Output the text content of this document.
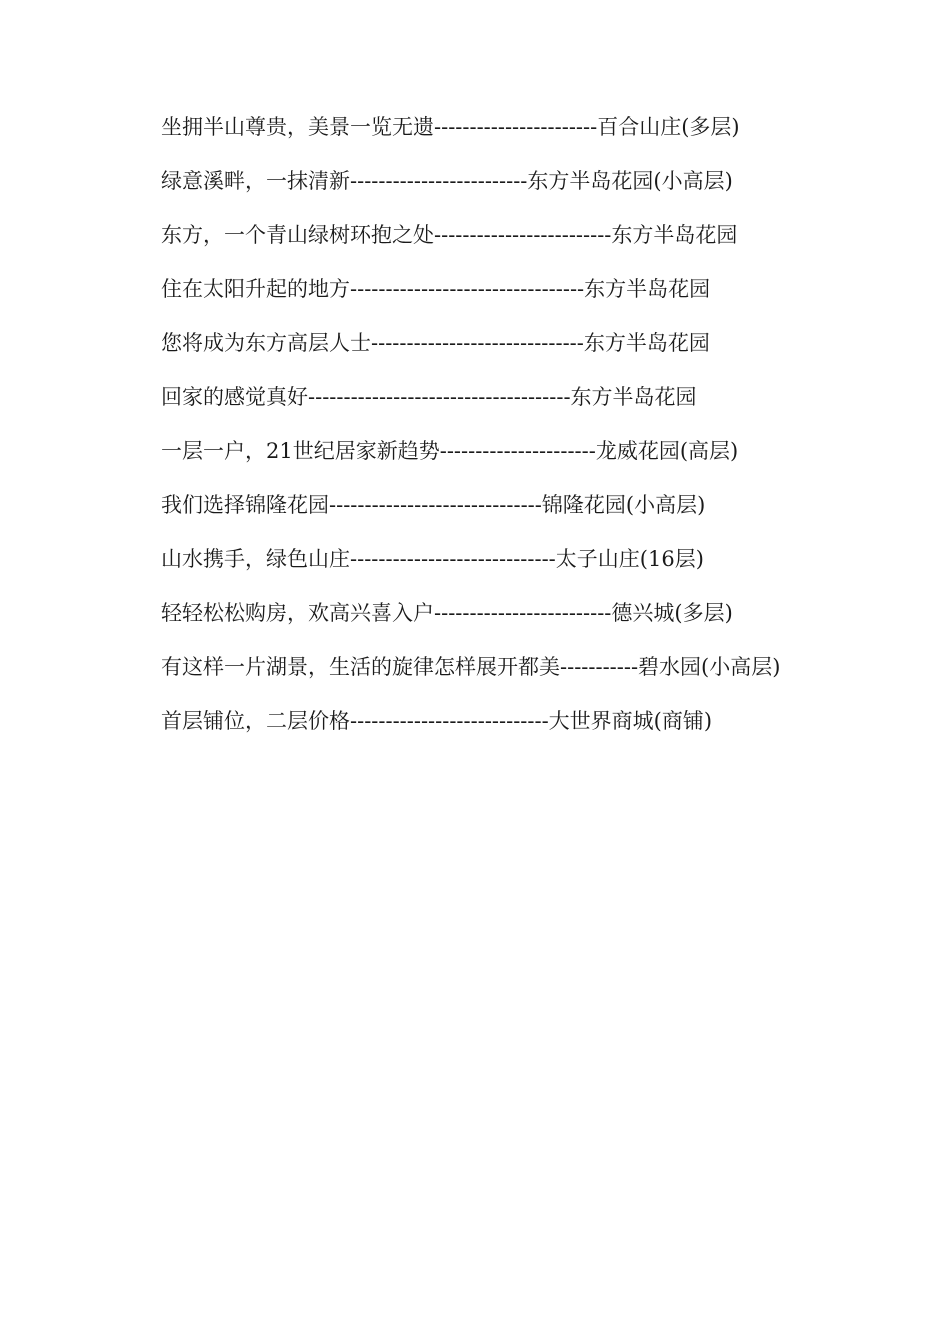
坐拥半山尊贵，美景一览无遗-----------------------百合山庄(多层)

绿意溪畔，一抹清新-------------------------东方半岛花园(小高层)

东方，一个青山绿树环抱之处-------------------------东方半岛花园

住在太阳升起的地方---------------------------------东方半岛花园

您将成为东方高层人士------------------------------东方半岛花园

回家的感觉真好-------------------------------------东方半岛花园

一层一户，21世纪居家新趋势----------------------龙威花园(高层)

我们选择锦隆花园------------------------------锦隆花园(小高层)

山水携手，绿色山庄-----------------------------太子山庄(16层)

轻轻松松购房，欢高兴喜入户-------------------------德兴城(多层)

有这样一片湖景，生活的旋律怎样展开都美-----------碧水园(小高层)

首层铺位，二层价格----------------------------大世界商城(商铺)
